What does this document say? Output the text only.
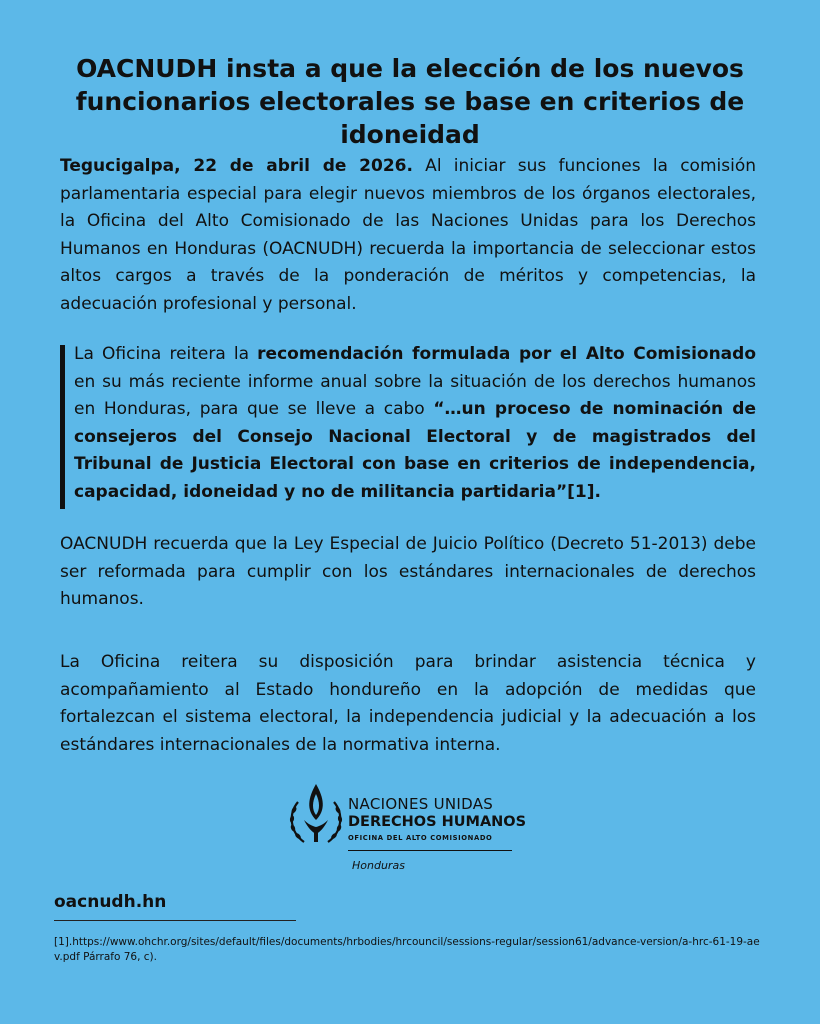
OACNUDH insta a que la elección de los nuevos funcionarios electorales se base en criterios de idoneidad

Tegucigalpa, 22 de abril de 2026. Al iniciar sus funciones la comisión parlamentaria especial para elegir nuevos miembros de los órganos electorales, la Oficina del Alto Comisionado de las Naciones Unidas para los Derechos Humanos en Honduras (OACNUDH) recuerda la importancia de seleccionar estos altos cargos a través de la ponderación de méritos y competencias, la adecuación profesional y personal.

La Oficina reitera la recomendación formulada por el Alto Comisionado en su más reciente informe anual sobre la situación de los derechos humanos en Honduras, para que se lleve a cabo “…un proceso de nominación de consejeros del Consejo Nacional Electoral y de magistrados del Tribunal de Justicia Electoral con base en criterios de independencia, capacidad, idoneidad y no de militancia partidaria”[1].

OACNUDH recuerda que la Ley Especial de Juicio Político (Decreto 51-2013) debe ser reformada para cumplir con los estándares internacionales de derechos humanos.

La Oficina reitera su disposición para brindar asistencia técnica y acompañamiento al Estado hondureño en la adopción de medidas que fortalezcan el sistema electoral, la independencia judicial y la adecuación a los estándares internacionales de la normativa interna.

NACIONES UNIDAS
DERECHOS HUMANOS
OFICINA DEL ALTO COMISIONADO
Honduras

oacnudh.hn

[1].https://www.ohchr.org/sites/default/files/documents/hrbodies/hrcouncil/sessions-regular/session61/advance-version/a-hrc-61-19-aev.pdf Párrafo 76, c).
